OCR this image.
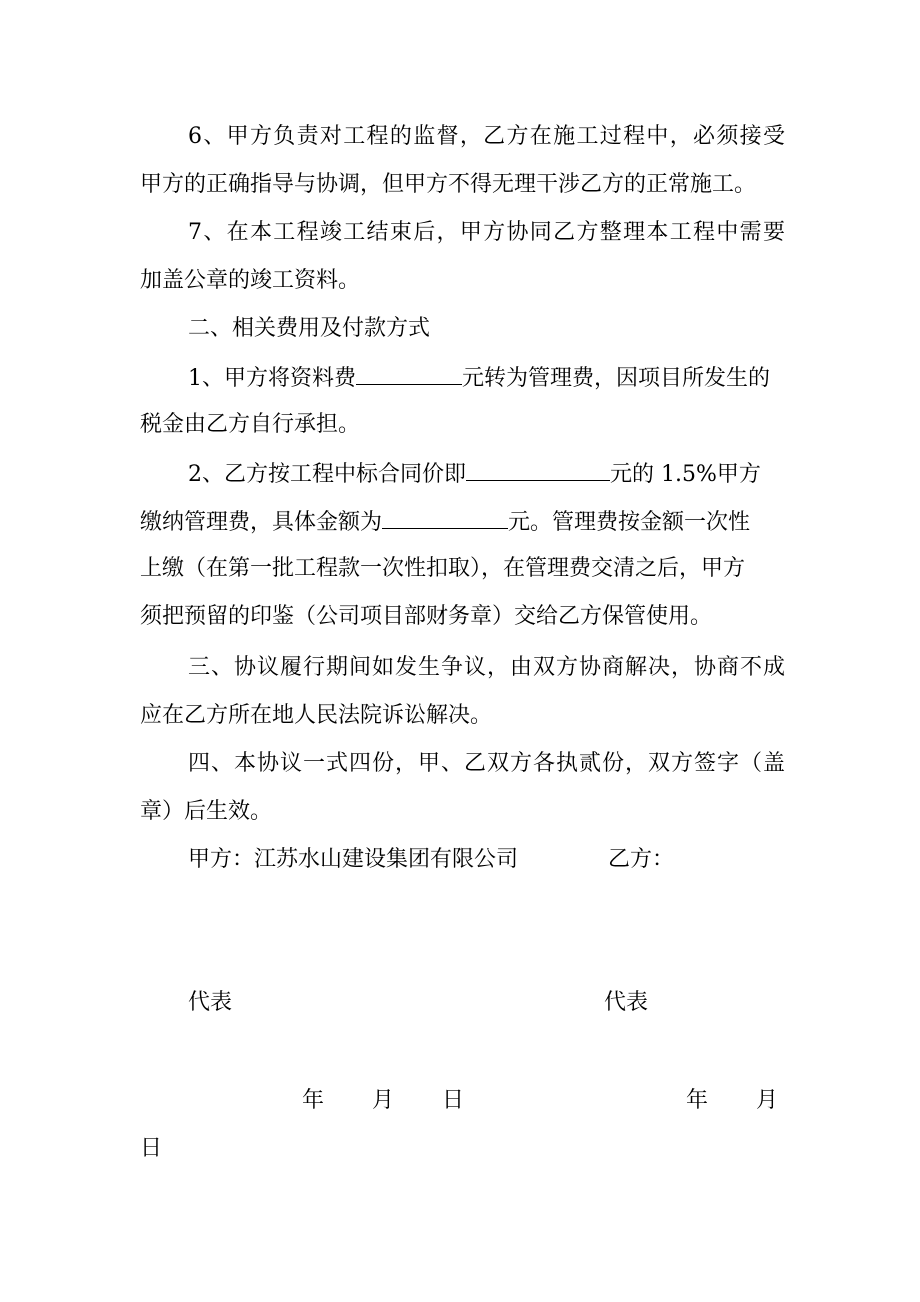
6、甲方负责对工程的监督，乙方在施工过程中，必须接受
甲方的正确指导与协调，但甲方不得无理干涉乙方的正常施工。
7、在本工程竣工结束后，甲方协同乙方整理本工程中需要
加盖公章的竣工资料。
二、相关费用及付款方式
1、甲方将资料费	元转为管理费，因项目所发生的
税金由乙方自行承担。
2、乙方按工程中标合同价即	元的 1.5%甲方
缴纳管理费，具体金额为	元。管理费按金额一次性
上缴（在第一批工程款一次性扣取），在管理费交清之后，甲方
须把预留的印鉴（公司项目部财务章）交给乙方保管使用。
三、协议履行期间如发生争议，由双方协商解决，协商不成
应在乙方所在地人民法院诉讼解决。
四、本协议一式四份，甲、乙双方各执贰份，双方签字（盖
章）后生效。
甲方：江苏水山建设集团有限公司	乙方：
代表	代表
年 月 日	年 月
日
